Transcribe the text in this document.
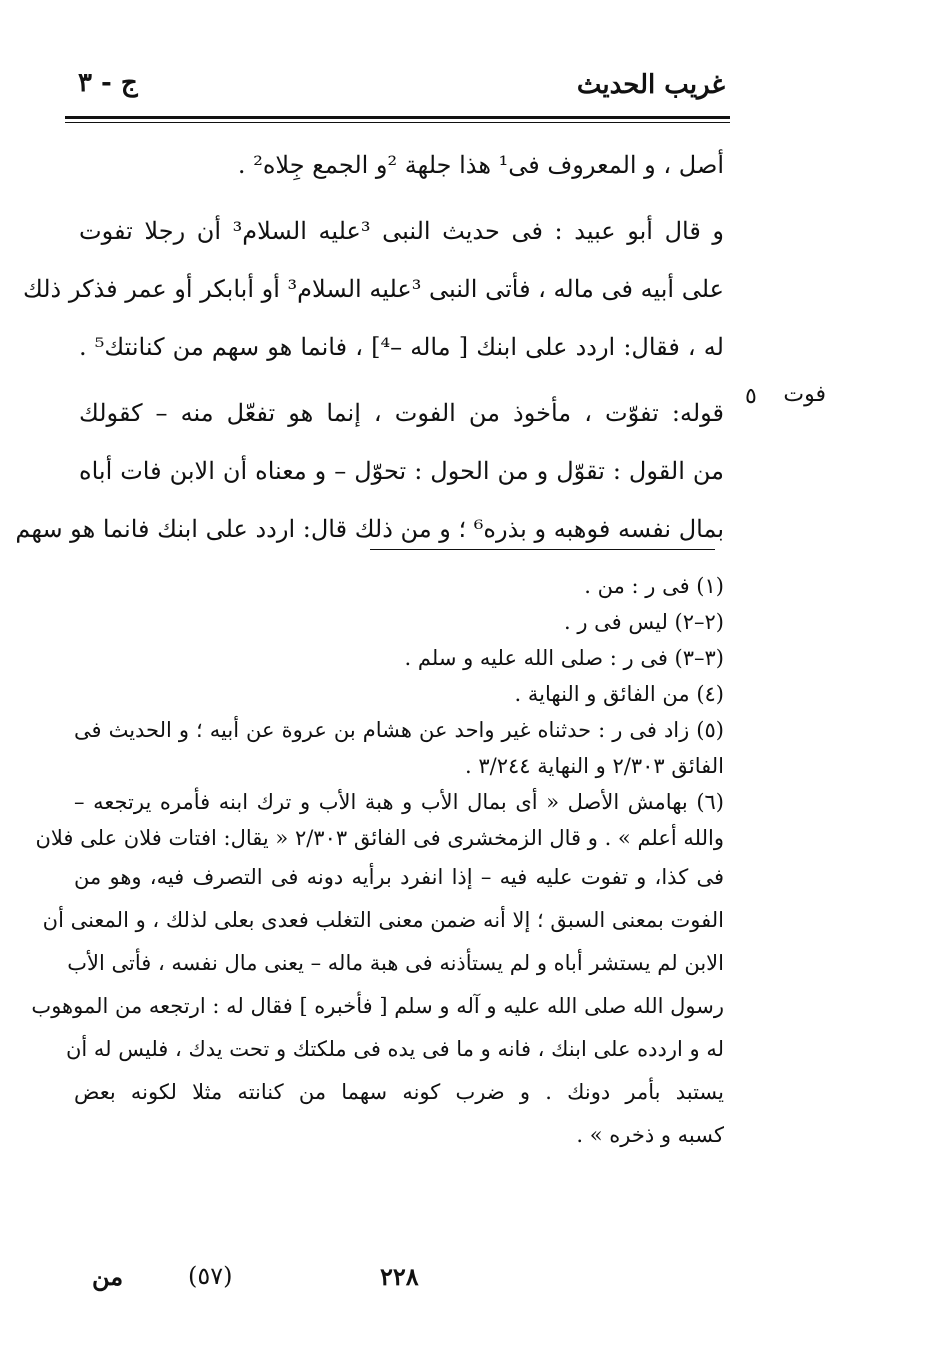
غريب الحديث
ج - ٣
أصل ، و المعروف فى¹ هذا جلهة ²و الجمع جِلاه² .
و قال أبو عبيد : فى حديث النبى ³عليه السلام³ أن رجلا تفوت
على أبيه فى ماله ، فأتى النبى ³عليه السلام³ أو أبابكر أو عمر فذكر ذلك
له ، فقال: اردد على ابنك [ ماله –⁴] ، فانما هو سهم من كنانتك⁵ .
قوله: تفوّت ، مأخوذ من الفوت ، إنما هو تفعّل منه – كقولك
من القول : تقوّل و من الحول : تحوّل – و معناه أن الابن فات أباه
بمال نفسه فوهبه و بذره⁶ ؛ و من ذلك قال: اردد على ابنك فانما هو سهم
فوت
٥
(١) فى ر : من .
(٢–٢) ليس فى ر .
(٣–٣) فى ر : صلى الله عليه و سلم .
(٤) من الفائق و النهاية .
(٥) زاد فى ر : حدثناه غير واحد عن هشام بن عروة عن أبيه ؛ و الحديث فى
الفائق ٢/٣٠٣ و النهاية ٣/٢٤٤ .
(٦) بهامش الأصل « أى بمال الأب و هبة الأب و ترك ابنه فأمره يرتجعه –
والله أعلم » . و قال الزمخشرى فى الفائق ٢/٣٠٣ « يقال: افتات فلان على فلان
فى كذا، و تفوت عليه فيه – إذا انفرد برأيه دونه فى التصرف فيه، وهو من
الفوت بمعنى السبق ؛ إلا أنه ضمن معنى التغلب فعدى بعلى لذلك ، و المعنى أن
الابن لم يستشر أباه و لم يستأذنه فى هبة ماله – يعنى مال نفسه ، فأتى الأب
رسول الله صلى الله عليه و آله و سلم [ فأخبره ] فقال له : ارتجعه من الموهوب
له و اردده على ابنك ، فانه و ما فى يده فى ملكتك و تحت يدك ، فليس له أن
يستبد بأمر دونك . و ضرب كونه سهما من كنانته مثلا لكونه بعض
كسبه و ذخره » .
٢٢٨
(٥٧)
من
